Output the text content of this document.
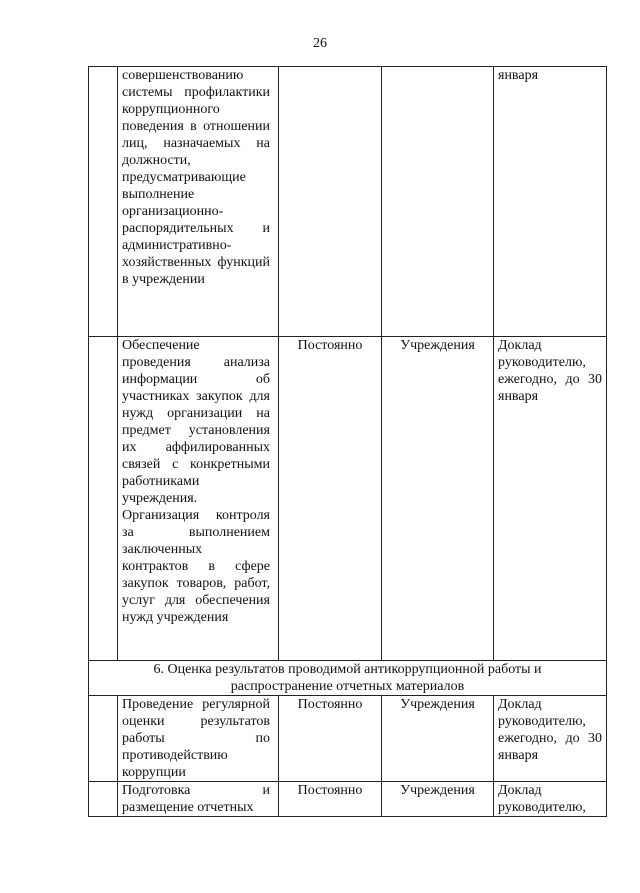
26

	совершенствованию системы профилактики коррупционного поведения в отношении лиц, назначаемых на должности, предусматривающие выполнение организационно-распорядительных и административно-хозяйственных функций в учреждении			января

	Обеспечение проведения анализа информации об участниках закупок для нужд организации на предмет установления их аффилированных связей с конкретными работниками учреждения. Организация контроля за выполнением заключенных контрактов в сфере закупок товаров, работ, услуг для обеспечения нужд учреждения	Постоянно	Учреждения	Доклад руководителю, ежегодно, до 30 января

6. Оценка результатов проводимой антикоррупционной работы и
распространение отчетных материалов				

	Проведение регулярной оценки результатов работы по противодействию коррупции	Постоянно	Учреждения	Доклад руководителю, ежегодно, до 30 января

	Подготовка и размещение отчетных	Постоянно	Учреждения	Доклад руководителю,
